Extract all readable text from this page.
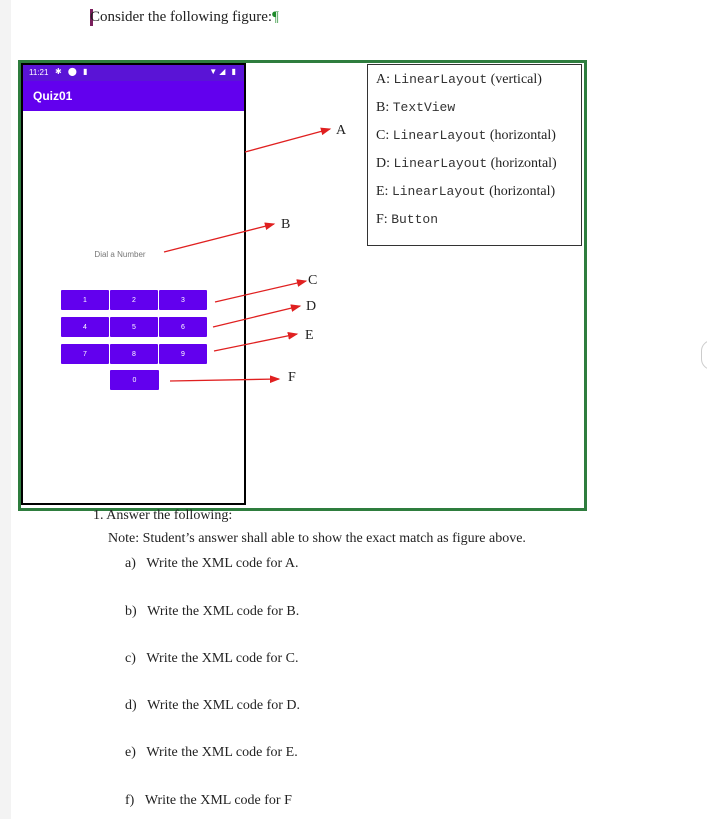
Consider the following figure:¶
11:21 ✱ ⬤ ▮	▼◢ ▮
Quiz01
Dial a Number
1	2	3
4	5	6
7	8	9
0
A: LinearLayout (vertical)
B: TextView
C: LinearLayout (horizontal)
D: LinearLayout (horizontal)
E: LinearLayout (horizontal)
F: Button
A
B
C
D
E
F
1. Answer the following:
Note: Student’s answer shall able to show the exact match as figure above.
a) Write the XML code for A.
b) Write the XML code for B.
c) Write the XML code for C.
d) Write the XML code for D.
e) Write the XML code for E.
f) Write the XML code for F
